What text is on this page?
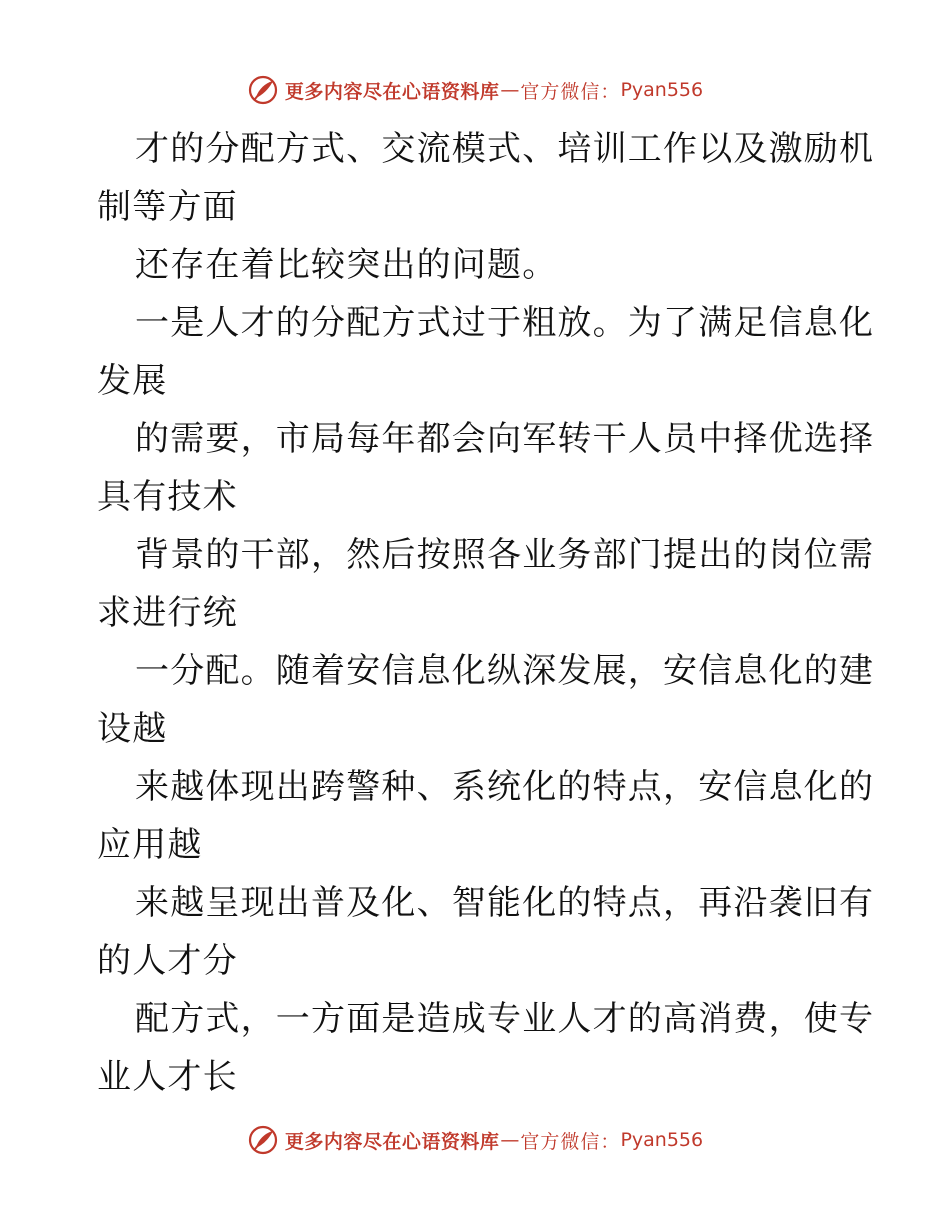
更多内容尽在心语资料库 — 官方微信： Pyan556
才的分配方式、交流模式、培训工作以及激励机
制等方面
还存在着比较突出的问题。
一是人才的分配方式过于粗放。为了满足信息化
发展
的需要，市局每年都会向军转干人员中择优选择
具有技术
背景的干部，然后按照各业务部门提出的岗位需
求进行统
一分配。随着安信息化纵深发展，安信息化的建
设越
来越体现出跨警种、系统化的特点，安信息化的
应用越
来越呈现出普及化、智能化的特点，再沿袭旧有
的人才分
配方式，一方面是造成专业人才的高消费，使专
业人才长
更多内容尽在心语资料库 — 官方微信： Pyan556
